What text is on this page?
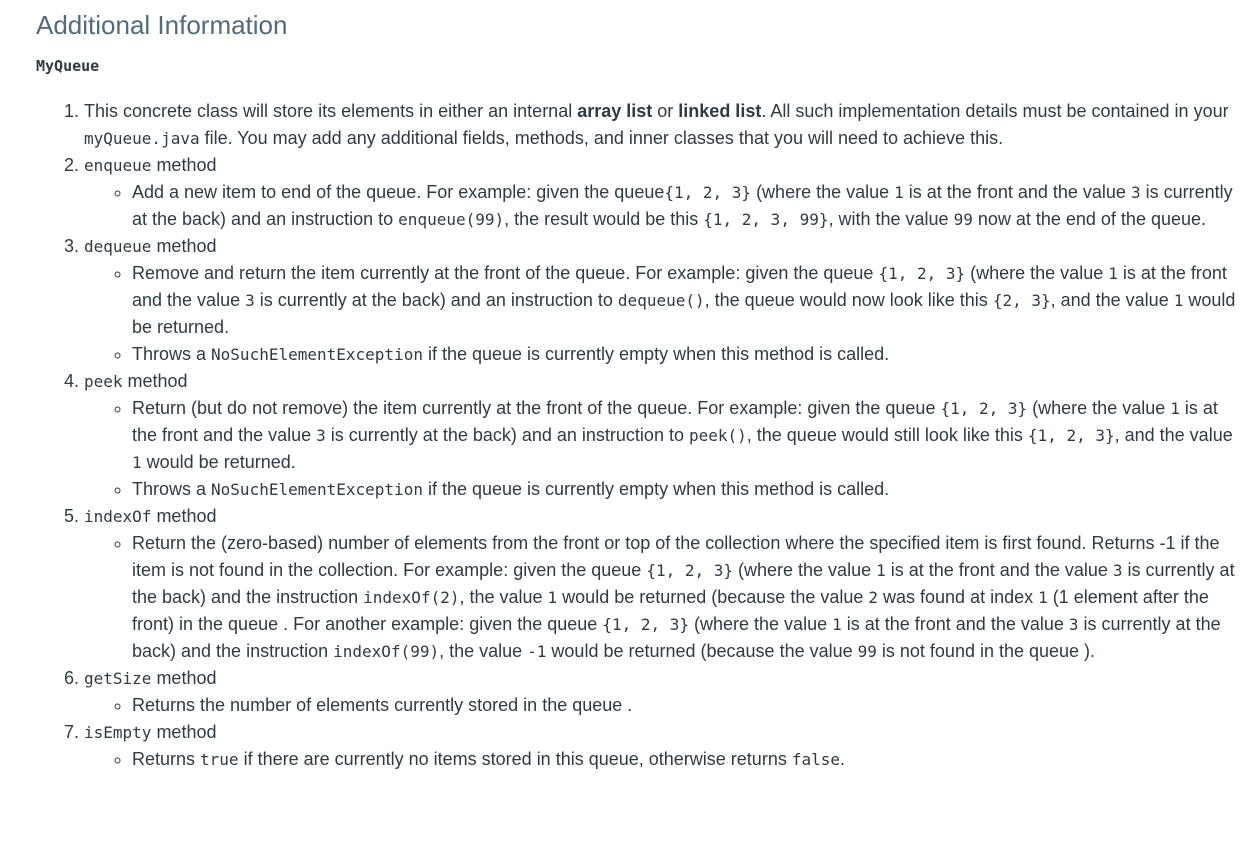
Additional Information
MyQueue
1. This concrete class will store its elements in either an internal array list or linked list. All such implementation details must be contained in your myQueue.java file. You may add any additional fields, methods, and inner classes that you will need to achieve this.
2. enqueue method
◦ Add a new item to end of the queue. For example: given the queue{1, 2, 3} (where the value 1 is at the front and the value 3 is currently at the back) and an instruction to enqueue(99), the result would be this {1, 2, 3, 99}, with the value 99 now at the end of the queue.
3. dequeue method
◦ Remove and return the item currently at the front of the queue. For example: given the queue {1, 2, 3} (where the value 1 is at the front and the value 3 is currently at the back) and an instruction to dequeue(), the queue would now look like this {2, 3}, and the value 1 would be returned.
◦ Throws a NoSuchElementException if the queue is currently empty when this method is called.
4. peek method
◦ Return (but do not remove) the item currently at the front of the queue. For example: given the queue {1, 2, 3} (where the value 1 is at the front and the value 3 is currently at the back) and an instruction to peek(), the queue would still look like this {1, 2, 3}, and the value 1 would be returned.
◦ Throws a NoSuchElementException if the queue is currently empty when this method is called.
5. indexOf method
◦ Return the (zero-based) number of elements from the front or top of the collection where the specified item is first found. Returns -1 if the item is not found in the collection. For example: given the queue {1, 2, 3} (where the value 1 is at the front and the value 3 is currently at the back) and the instruction indexOf(2), the value 1 would be returned (because the value 2 was found at index 1 (1 element after the front) in the queue . For another example: given the queue {1, 2, 3} (where the value 1 is at the front and the value 3 is currently at the back) and the instruction indexOf(99), the value -1 would be returned (because the value 99 is not found in the queue ).
6. getSize method
◦ Returns the number of elements currently stored in the queue .
7. isEmpty method
◦ Returns true if there are currently no items stored in this queue, otherwise returns false.
